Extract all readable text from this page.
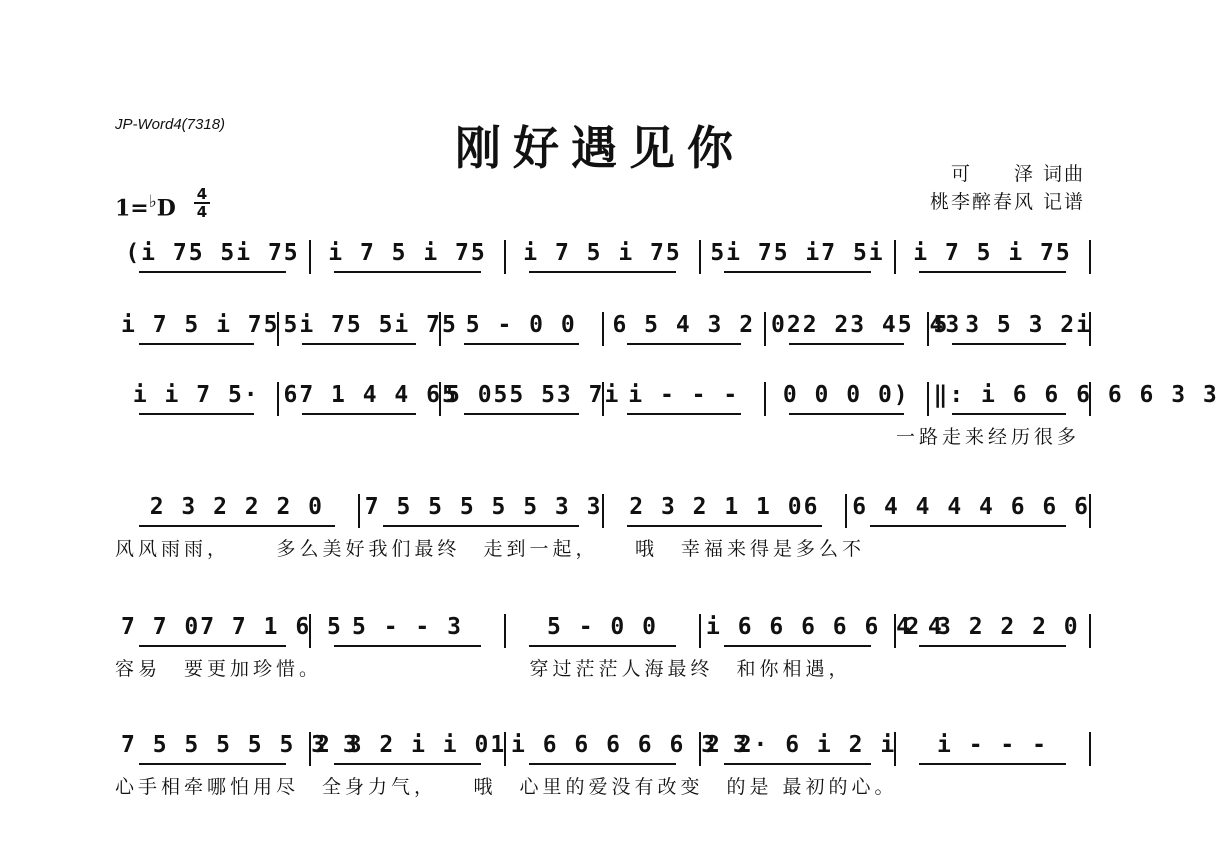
JP-Word4(7318)	刚好遇见你	可　　泽 词曲
桃李醉春风 记谱
1=♭D
4
4
(i 75 5i 75	i 7 5 i 75	i 7 5 i 75	5i 75 i7 5i	i 7 5 i 75
i 7 5 i 75 5i 75 5i 75 5 - 0 0	6 5 4 3 2 022 23 45 43
5 3 5 3 2i
i i 7 5·	67 1 4 4 65
5 055 53 7i i - - -	0 0 0 0)	‖: i 6 6 6 6 6 3 3
一路走来经历很多
2 3 2 2 2 0	7 5 5 5 5 5 3 3	2 3 2 1 1 06	6 4 4 4 4 6 6 6
风风雨雨，　　 多么美好我们最终　走到一起，　　哦　幸福来得是多么不
7 7 07 7 1 6 5 5 - - 3	5 - 0 0	i 6 6 6 6 6 4 4
2 3 2 2 2 0
容易　要更加珍惜。　　　　　　　　　 穿过茫茫人海最终　和你相遇，
7 5 5 5 5 5 3 3
2 3 2 i i 01 i 6 6 6 6 6 3 3
2 2· 6 i 2 i	i - - -
心手相牵哪怕用尽　全身力气，　　哦　心里的爱没有改变　的是 最初的心。
